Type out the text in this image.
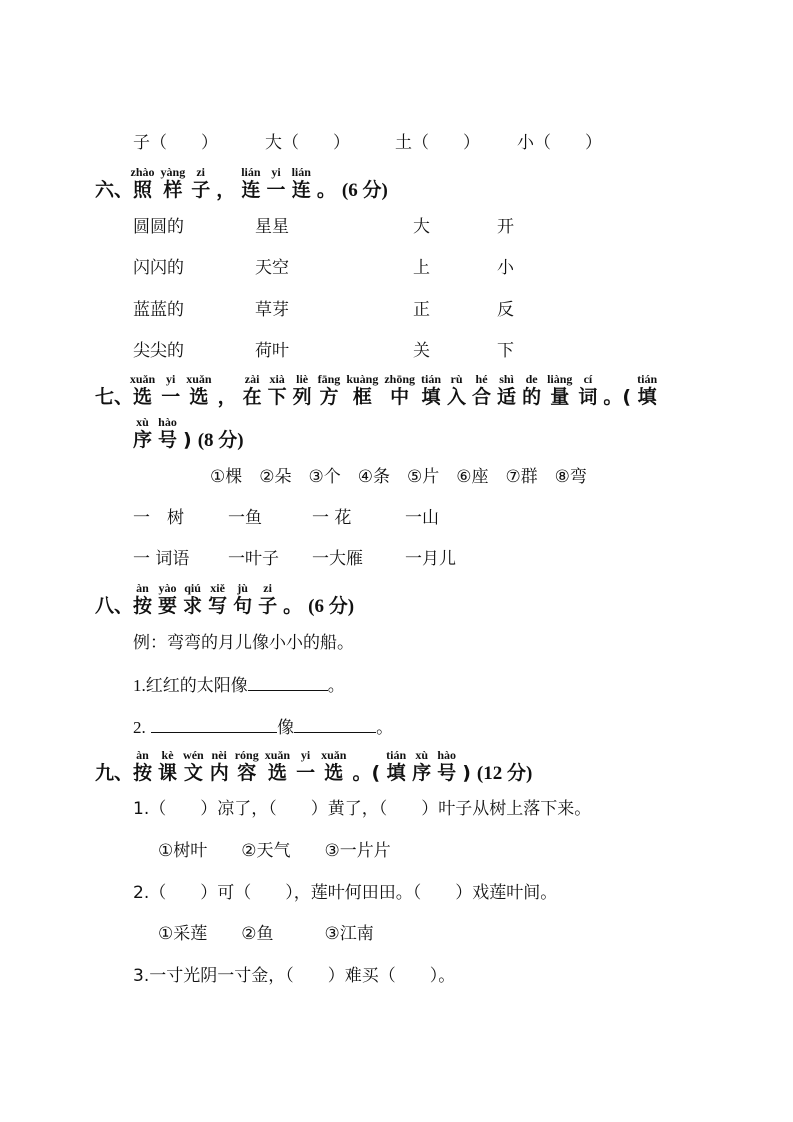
子（　　）	大（　　）	土（　　） 小（　　）
六、照zhào样yàng子zi， 连lián一yi连lián。 (6 分)
圆圆的	星星	大	开
闪闪的	天空	上	小
蓝蓝的	草芽	正	反
尖尖的	荷叶	关	下
七、选xuǎn一yi选xuǎn， 在zài下xià列liè方fāng框kuàng中zhōng填tián入rù合hé适shì的de量liàng词cí。( 填tián
序xù号hào) (8 分)
①棵　②朵　③个　④条　⑤片　⑥座　⑦群　⑧弯
一　树	一鱼	一 花	一山
一 词语 一叶子 一大雁 一月儿
八、按àn要yào求qiú写xiě句jù子zi。 (6 分)
例：弯弯的月儿像小小的船。
1.红红的太阳像	。
2.	像	。
九、按àn课kè文wén内nèi容róng选xuǎn一yi选xuǎn。( 填tián序xù号hào) (12 分)
1.（　　）凉了，（　　）黄了，（　　）叶子从树上落下来。
①树叶　　②天气　　③一片片
2.（　　）可（　　），莲叶何田田。（　　）戏莲叶间。
①采莲　　②鱼　　　③江南
3.一寸光阴一寸金，（　　）难买（　　）。
